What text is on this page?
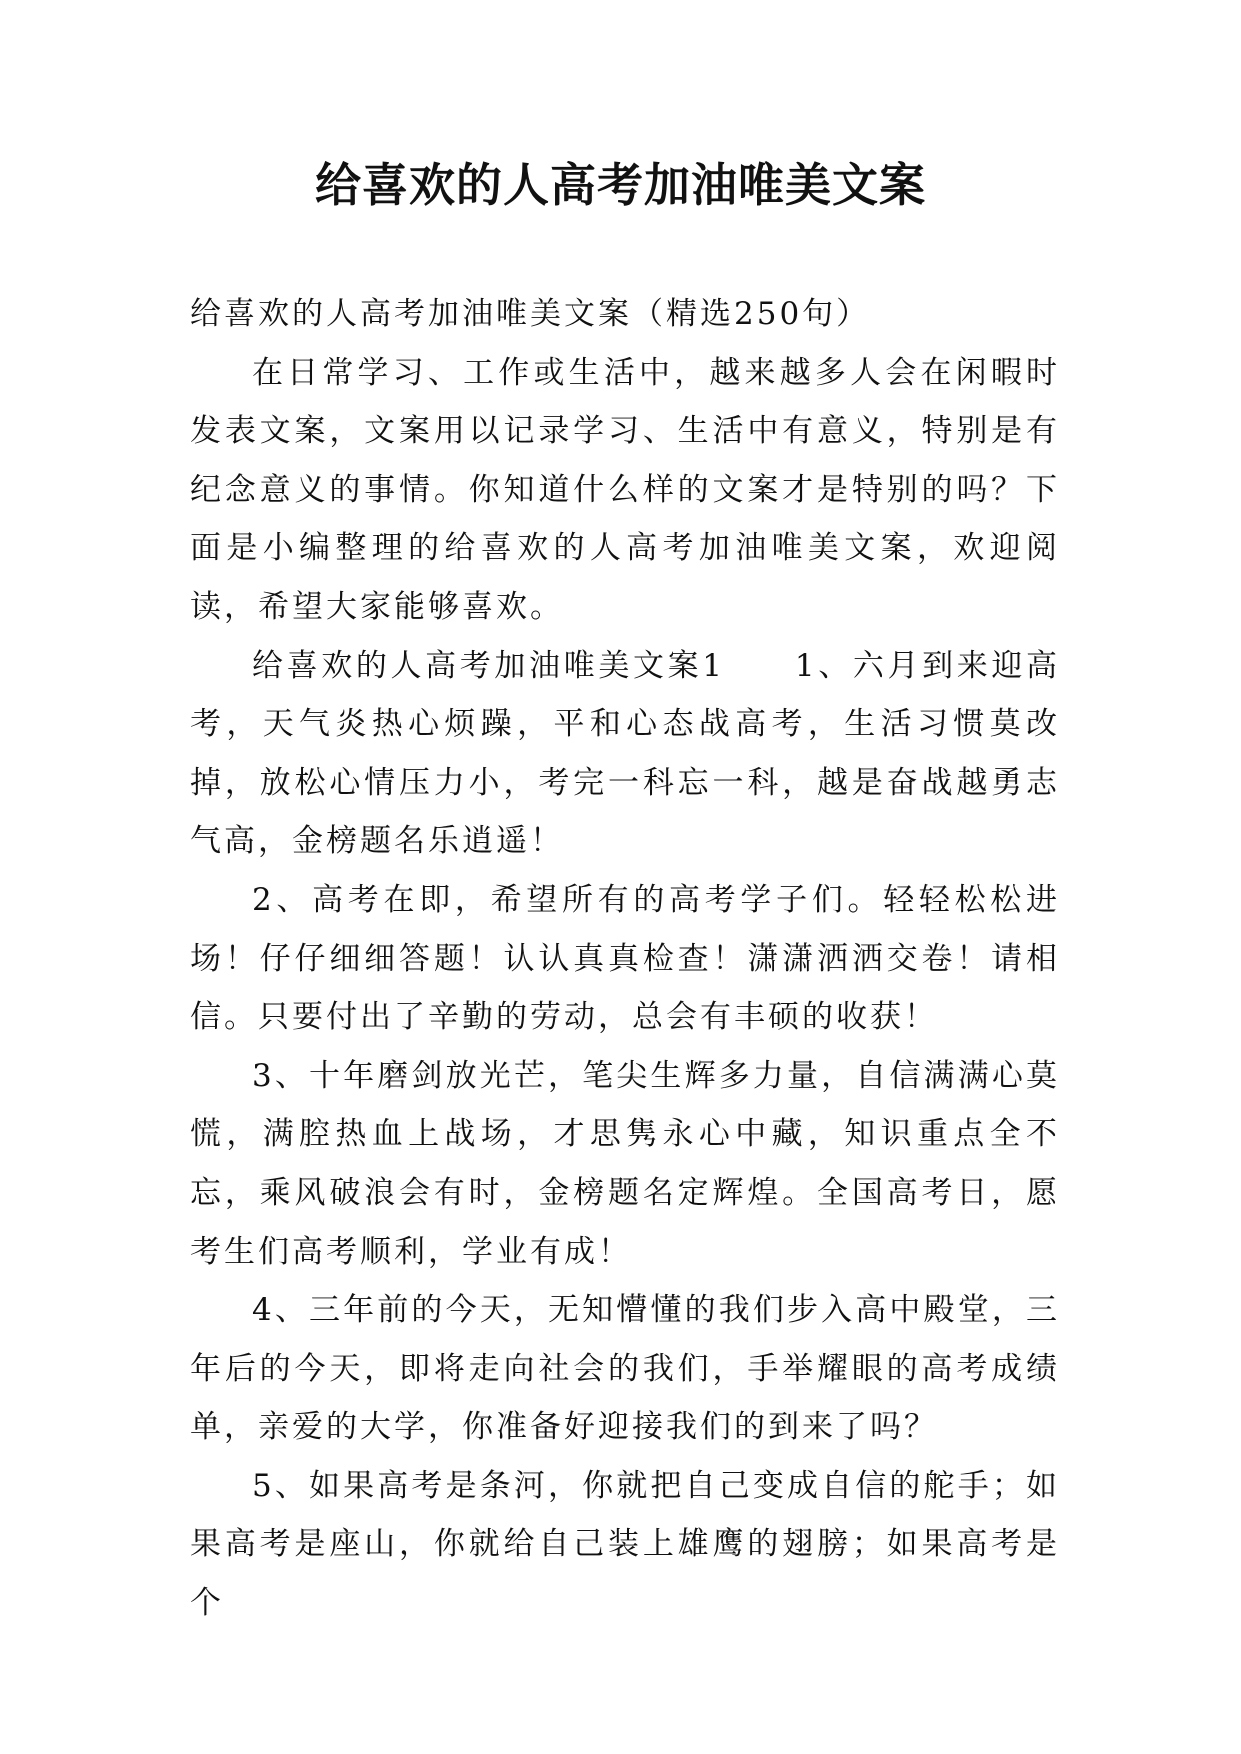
给喜欢的人高考加油唯美文案

给喜欢的人高考加油唯美文案（精选250句）

在日常学习、工作或生活中，越来越多人会在闲暇时发表文案，文案用以记录学习、生活中有意义，特别是有纪念意义的事情。你知道什么样的文案才是特别的吗？下面是小编整理的给喜欢的人高考加油唯美文案，欢迎阅读，希望大家能够喜欢。

给喜欢的人高考加油唯美文案1　　1、六月到来迎高考，天气炎热心烦躁，平和心态战高考，生活习惯莫改掉，放松心情压力小，考完一科忘一科，越是奋战越勇志气高，金榜题名乐逍遥！

2、高考在即，希望所有的高考学子们。轻轻松松进场！仔仔细细答题！认认真真检查！潇潇洒洒交卷！请相信。只要付出了辛勤的劳动，总会有丰硕的收获！

3、十年磨剑放光芒，笔尖生辉多力量，自信满满心莫慌，满腔热血上战场，才思隽永心中藏，知识重点全不忘，乘风破浪会有时，金榜题名定辉煌。全国高考日，愿考生们高考顺利，学业有成！

4、三年前的今天，无知懵懂的我们步入高中殿堂，三年后的今天，即将走向社会的我们，手举耀眼的高考成绩单，亲爱的大学，你准备好迎接我们的到来了吗？

5、如果高考是条河，你就把自己变成自信的舵手；如果高考是座山，你就给自己装上雄鹰的翅膀；如果高考是个
